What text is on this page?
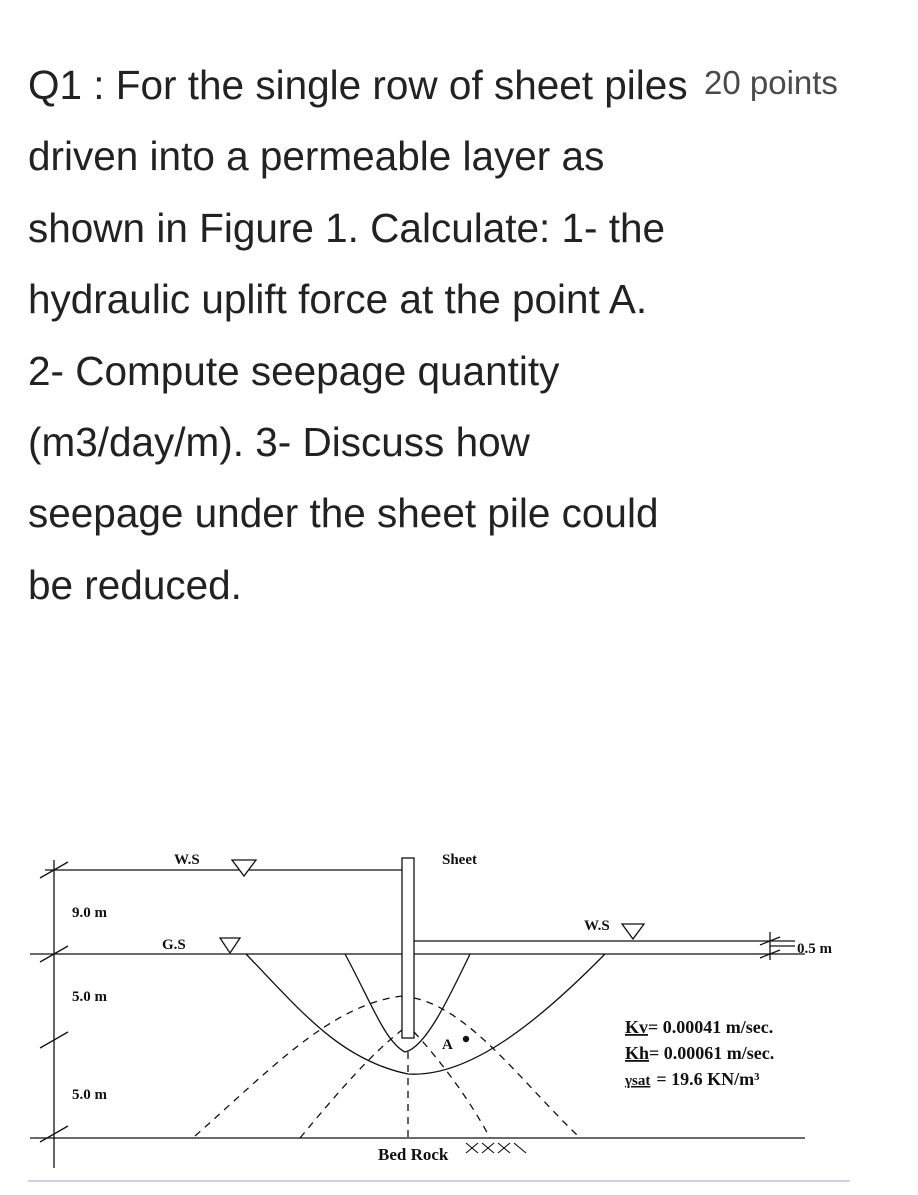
Q1 : For the single row of sheet piles driven into a permeable layer as shown in Figure 1. Calculate: 1- the hydraulic uplift force at the point A. 2- Compute seepage quantity (m3/day/m). 3- Discuss how seepage under the sheet pile could be reduced.

20 points
9.0 m
5.0 m
5.0 m
W.S
G.S
Sheet
W.S
0.5 m
A
Bed Rock
Kv= 0.00041 m/sec.
Kh= 0.00061 m/sec.
γsat = 19.6 KN/m³
